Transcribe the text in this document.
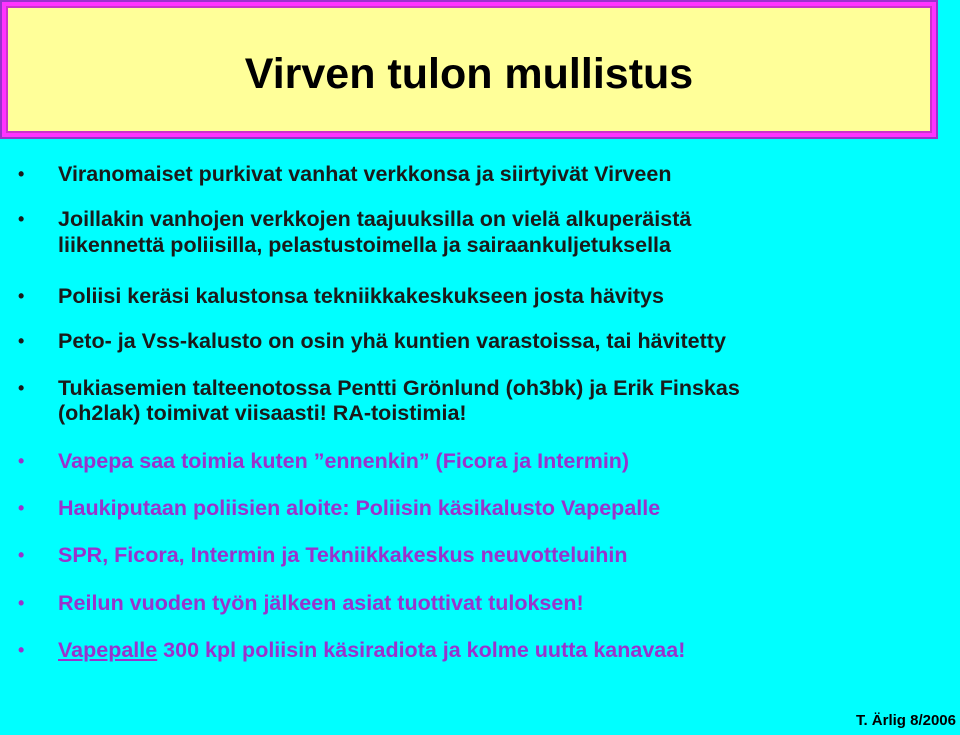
Virven tulon mullistus
• Viranomaiset purkivat vanhat verkkonsa ja siirtyivät Virveen
• Joillakin vanhojen verkkojen taajuuksilla on vielä alkuperäistä
liikennettä poliisilla, pelastustoimella ja sairaankuljetuksella
• Poliisi keräsi kalustonsa tekniikkakeskukseen josta hävitys
• Peto- ja Vss-kalusto on osin yhä kuntien varastoissa, tai hävitetty
• Tukiasemien talteenotossa Pentti Grönlund (oh3bk) ja Erik Finskas
(oh2lak) toimivat viisaasti! RA-toistimia!
• Vapepa saa toimia kuten ”ennenkin” (Ficora ja Intermin)
• Haukiputaan poliisien aloite: Poliisin käsikalusto Vapepalle
• SPR, Ficora, Intermin ja Tekniikkakeskus neuvotteluihin
• Reilun vuoden työn jälkeen asiat tuottivat tuloksen!
• Vapepalle 300 kpl poliisin käsiradiota ja kolme uutta kanavaa!
T. Ärlig 8/2006
